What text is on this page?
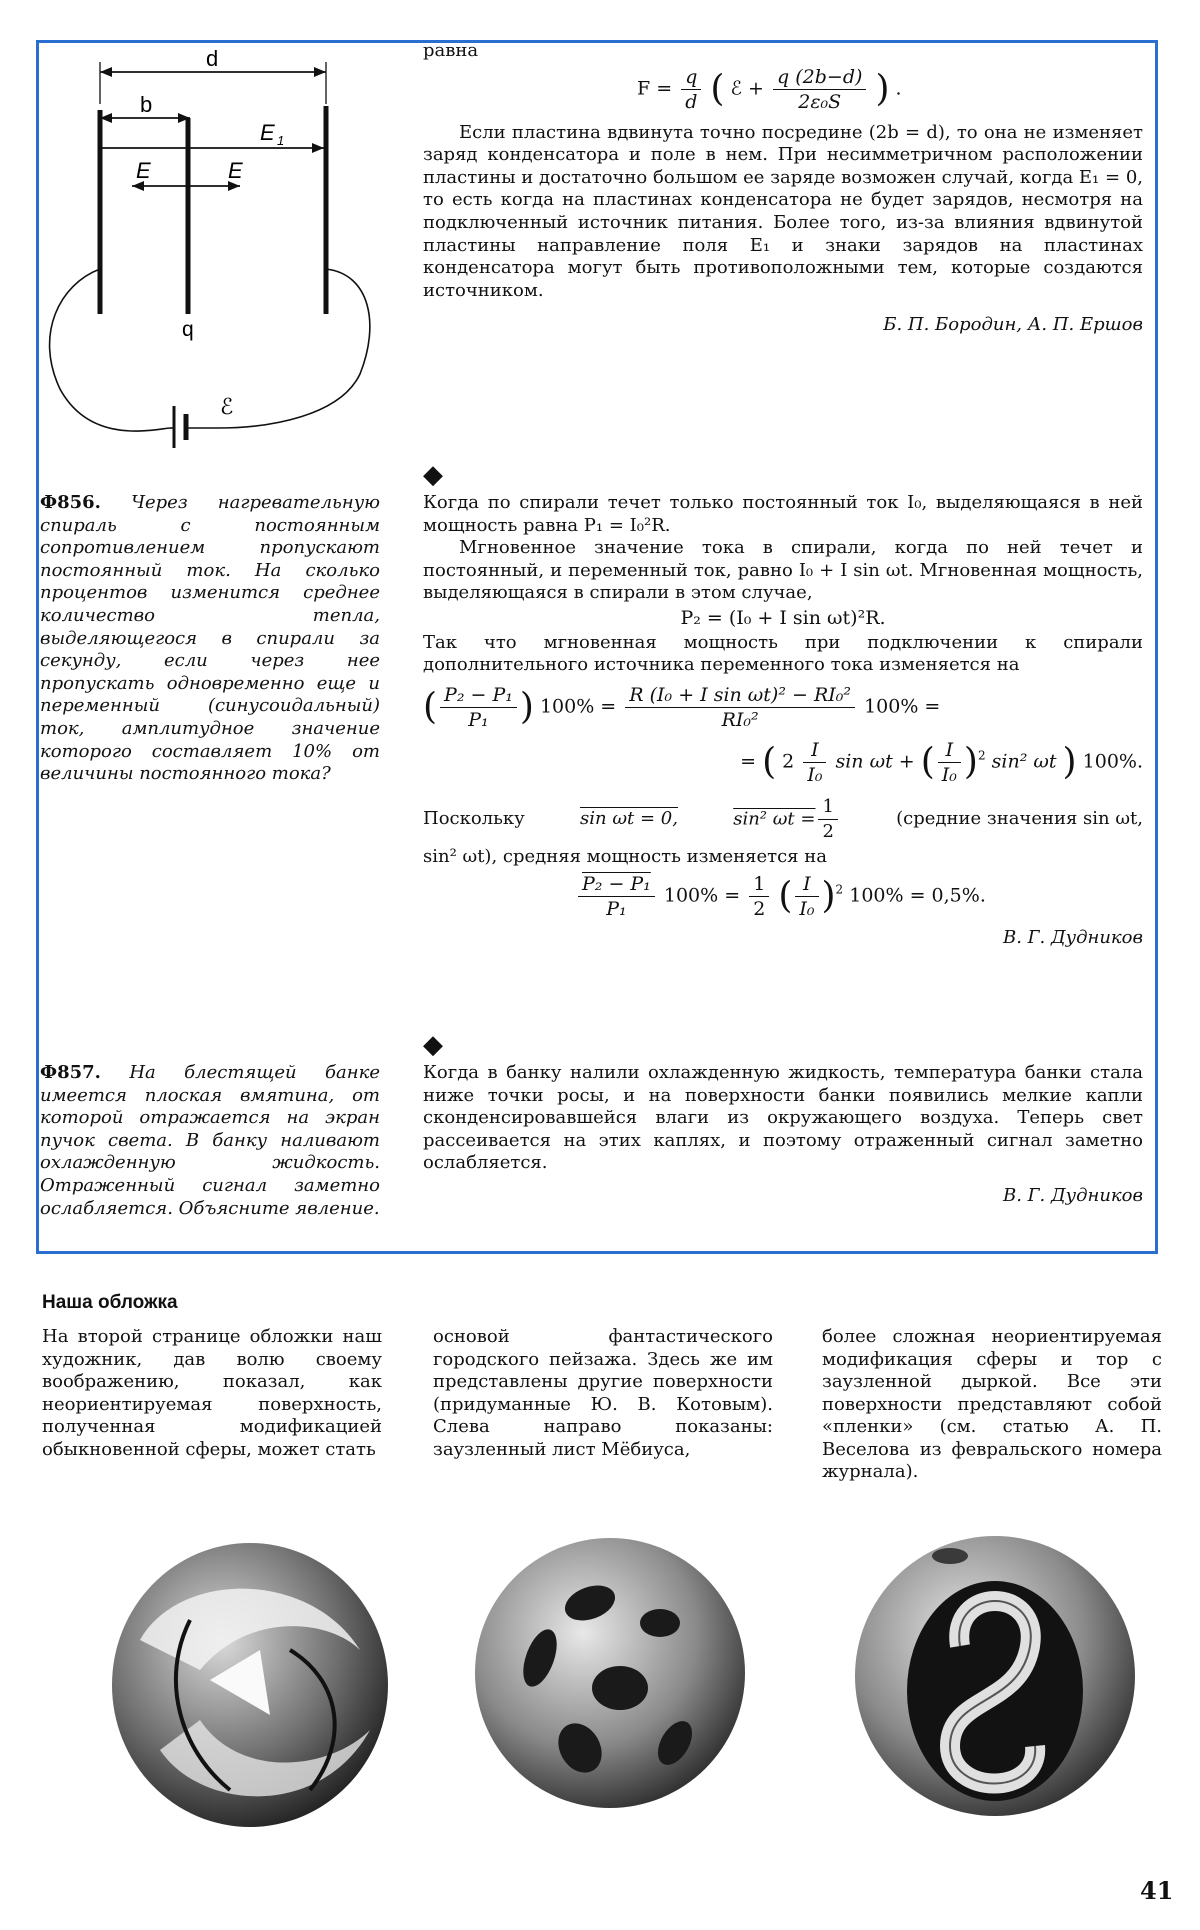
d
b
E 1
E	E
q
ℰ
равна
$F = \frac{q}{d}$ ( ℰ + $\frac{q (2b-d)}{\text{2ε₀S}}$ ) .

Если пластина вдвинута точно посредине (2b = d), то она не изменяет заряд конденсатора и поле в нем. При несимметричном расположении пластины и достаточно большом ее заряде возможен случай, когда E₁ = 0, то есть когда на пластинах конденсатора не будет зарядов, несмотря на подключенный источник питания. Более того, из-за влияния вдвинутой пластины направление поля E₁ и знаки зарядов на пластинах конденсатора могут быть противоположными тем, которые создаются источником.

Б. П. Бородин, А. П. Ершов

Ф856. Через нагревательную спираль с постоянным сопротивлением пропускают постоянный ток. На сколько процентов изменится среднее количество тепла, выделяющегося в спирали за секунду, если через нее пропускать одновременно еще и переменный (синусоидальный) ток, амплитудное значение которого составляет 10% от величины постоянного тока?
◆

Когда по спирали течет только постоянный ток I₀, выделяющаяся в ней мощность равна P₁ = I₀²R.

Мгновенное значение тока в спирали, когда по ней течет и постоянный, и переменный ток, равно I₀ + I sin ωt. Мгновенная мощность, выделяющаяся в спирали в этом случае,

P₂ = (I₀ + I sin ωt)²R.

Так что мгновенная мощность при подключении к спирали дополнительного источника переменного тока изменяется на

( $\frac{\text{P₂ − P₁}}{\text{P₁}}$ ) $100\% = \frac{\text{R (I₀ + I sin ωt)² − RI₀²}}{\text{RI₀²}} 100\%$ =
= ( $2 \frac{I}{\text{I₀}}$ sin ωt + ( $\frac{I}{\text{I₀}} )^2$ sin² ωt ) 100%.
Поскольку	sin ωt = 0,	sin² $\omega t = \frac{1}{2}$	(средние значения sin ωt,

sin² ωt), средняя мощность изменяется на

$\frac{\text{P₂ − P₁}}{\text{P₁}} 100\% = \frac{1}{2}$ ( $\frac{I}{\text{I₀}} )^2$ 100% = 0,5%.

В. Г. Дудников

Ф857. На блестящей банке имеется плоская вмятина, от которой отражается на экран пучок света. В банку наливают охлажденную жидкость. Отраженный сигнал заметно ослабляется. Объясните явление.
◆

Когда в банку налили охлажденную жидкость, температура банки стала ниже точки росы, и на поверхности банки появились мелкие капли сконденсировавшейся влаги из окружающего воздуха. Теперь свет рассеивается на этих каплях, и поэтому отраженный сигнал заметно ослабляется.

В. Г. Дудников

Наша обложка
На второй странице обложки наш художник, дав волю своему воображению, показал, как неориентируемая поверхность, полученная модификацией обыкновенной сферы, может стать
основой фантастического городского пейзажа. Здесь же им представлены другие поверхности (придуманные Ю. В. Котовым). Слева направо показаны: заузленный лист Мёбиуса,
более сложная неориентируемая модификация сферы и тор с заузленной дыркой. Все эти поверхности представляют собой «пленки» (см. статью А. П. Веселова из февральского номера журнала).
41
